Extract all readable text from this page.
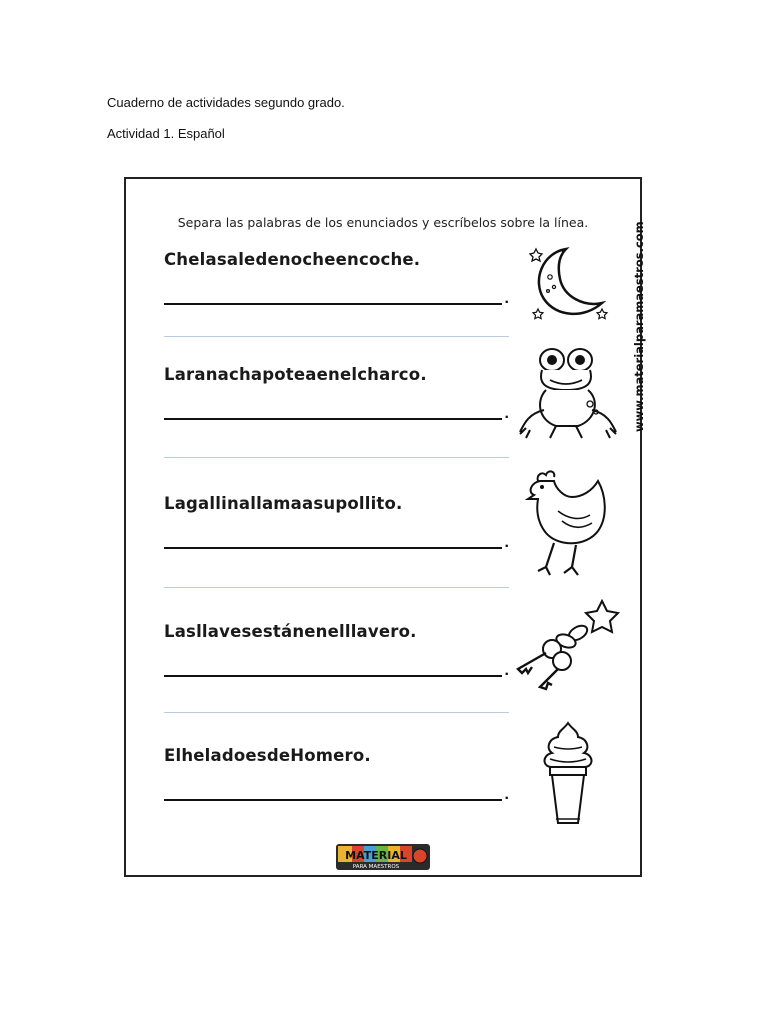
Cuaderno de actividades segundo grado.
Actividad 1. Español
Separa las palabras de los enunciados y escríbelos sobre la línea.
Chelasaledenocheencoche.
.
Laranachapoteaenelcharco.
.
Lagallinallamaasupollito.
.
Lasllavesestánenelllavero.
.
ElheladoesdeHomero.
.
www.materialparamaestros.com
MATERIAL
PARA MAESTROS
